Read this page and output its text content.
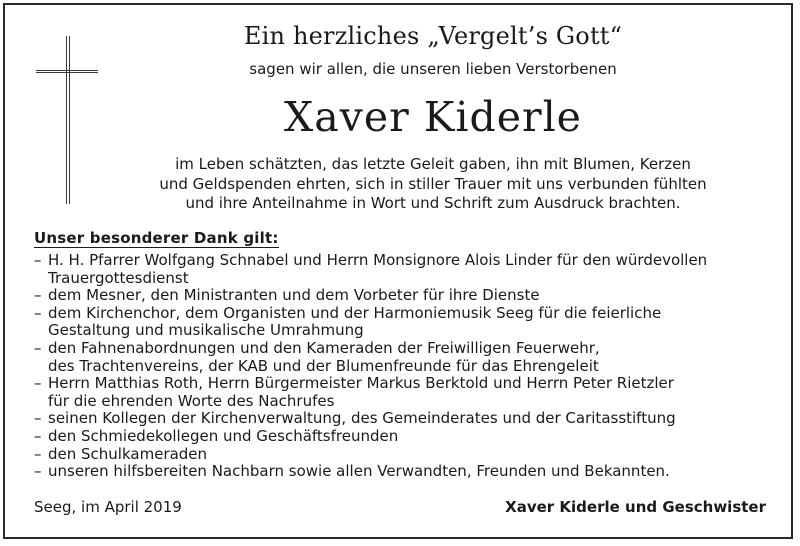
Ein herzliches „Vergelt’s Gott“
sagen wir allen, die unseren lieben Verstorbenen
Xaver Kiderle
im Leben schätzten, das letzte Geleit gaben, ihn mit Blumen, Kerzen
und Geldspenden ehrten, sich in stiller Trauer mit uns verbunden fühlten
und ihre Anteilnahme in Wort und Schrift zum Ausdruck brachten.
Unser besonderer Dank gilt:
– H. H. Pfarrer Wolfgang Schnabel und Herrn Monsignore Alois Linder für den würdevollen
Trauergottesdienst
– dem Mesner, den Ministranten und dem Vorbeter für ihre Dienste
– dem Kirchenchor, dem Organisten und der Harmoniemusik Seeg für die feierliche
Gestaltung und musikalische Umrahmung
– den Fahnenabordnungen und den Kameraden der Freiwilligen Feuerwehr,
des Trachtenvereins, der KAB und der Blumenfreunde für das Ehrengeleit
– Herrn Matthias Roth, Herrn Bürgermeister Markus Berktold und Herrn Peter Rietzler
für die ehrenden Worte des Nachrufes
– seinen Kollegen der Kirchenverwaltung, des Gemeinderates und der Caritasstiftung
– den Schmiedekollegen und Geschäftsfreunden
– den Schulkameraden
– unseren hilfsbereiten Nachbarn sowie allen Verwandten, Freunden und Bekannten.
Seeg, im April 2019	Xaver Kiderle und Geschwister
